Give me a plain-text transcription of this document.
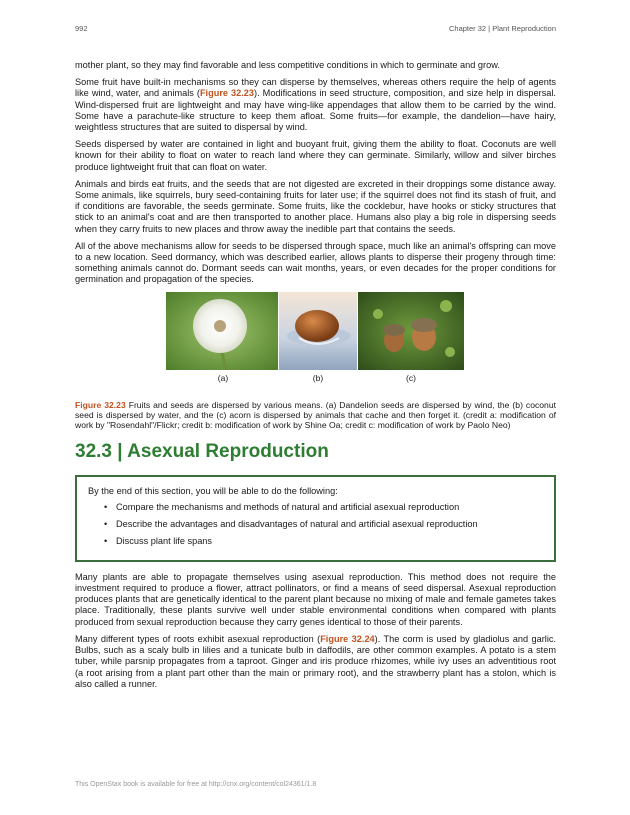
992	Chapter 32 | Plant Reproduction

mother plant, so they may find favorable and less competitive conditions in which to germinate and grow.

Some fruit have built-in mechanisms so they can disperse by themselves, whereas others require the help of agents like wind, water, and animals (Figure 32.23). Modifications in seed structure, composition, and size help in dispersal. Wind-dispersed fruit are lightweight and may have wing-like appendages that allow them to be carried by the wind. Some have a parachute-like structure to keep them afloat. Some fruits—for example, the dandelion—have hairy, weightless structures that are suited to dispersal by wind.

Seeds dispersed by water are contained in light and buoyant fruit, giving them the ability to float. Coconuts are well known for their ability to float on water to reach land where they can germinate. Similarly, willow and silver birches produce lightweight fruit that can float on water.

Animals and birds eat fruits, and the seeds that are not digested are excreted in their droppings some distance away. Some animals, like squirrels, bury seed-containing fruits for later use; if the squirrel does not find its stash of fruit, and if conditions are favorable, the seeds germinate. Some fruits, like the cocklebur, have hooks or sticky structures that stick to an animal's coat and are then transported to another place. Humans also play a big role in dispersing seeds when they carry fruits to new places and throw away the inedible part that contains the seeds.

All of the above mechanisms allow for seeds to be dispersed through space, much like an animal's offspring can move to a new location. Seed dormancy, which was described earlier, allows plants to disperse their progeny through time: something animals cannot do. Dormant seeds can wait months, years, or even decades for the proper conditions for germination and propagation of the species.

(a)	(b)	(c)

Figure 32.23 Fruits and seeds are dispersed by various means. (a) Dandelion seeds are dispersed by wind, the (b) coconut seed is dispersed by water, and the (c) acorn is dispersed by animals that cache and then forget it. (credit a: modification of work by "Rosendahl"/Flickr; credit b: modification of work by Shine Oa; credit c: modification of work by Paolo Neo)

32.3 | Asexual Reproduction

By the end of this section, you will be able to do the following:

• Compare the mechanisms and methods of natural and artificial asexual reproduction
• Describe the advantages and disadvantages of natural and artificial asexual reproduction
• Discuss plant life spans

Many plants are able to propagate themselves using asexual reproduction. This method does not require the investment required to produce a flower, attract pollinators, or find a means of seed dispersal. Asexual reproduction produces plants that are genetically identical to the parent plant because no mixing of male and female gametes takes place. Traditionally, these plants survive well under stable environmental conditions when compared with plants produced from sexual reproduction because they carry genes identical to those of their parents.

Many different types of roots exhibit asexual reproduction (Figure 32.24). The corm is used by gladiolus and garlic. Bulbs, such as a scaly bulb in lilies and a tunicate bulb in daffodils, are other common examples. A potato is a stem tuber, while parsnip propagates from a taproot. Ginger and iris produce rhizomes, while ivy uses an adventitious root (a root arising from a plant part other than the main or primary root), and the strawberry plant has a stolon, which is also called a runner.

This OpenStax book is available for free at http://cnx.org/content/col24361/1.8
